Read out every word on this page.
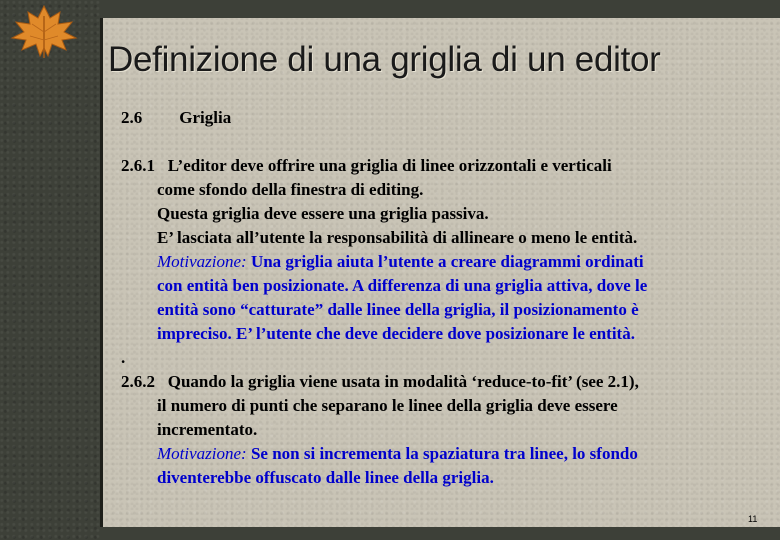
Definizione di una griglia di un editor
2.6 Griglia
2.6.1 L’editor deve offrire una griglia di linee orizzontali e verticali
come sfondo della finestra di editing.
Questa griglia deve essere una griglia passiva.
E’ lasciata all’utente la responsabilità di allineare o meno le entità.
Motivazione: Una griglia aiuta l’utente a creare diagrammi ordinati
con entità ben posizionate. A differenza di una griglia attiva, dove le
entità sono “catturate” dalle linee della griglia, il posizionamento è
impreciso. E’ l’utente che deve decidere dove posizionare le entità.
.
2.6.2 Quando la griglia viene usata in modalità ‘reduce-to-fit’ (see 2.1),
il numero di punti che separano le linee della griglia deve essere
incrementato.
Motivazione: Se non si incrementa la spaziatura tra linee, lo sfondo
diventerebbe offuscato dalle linee della griglia.
11
